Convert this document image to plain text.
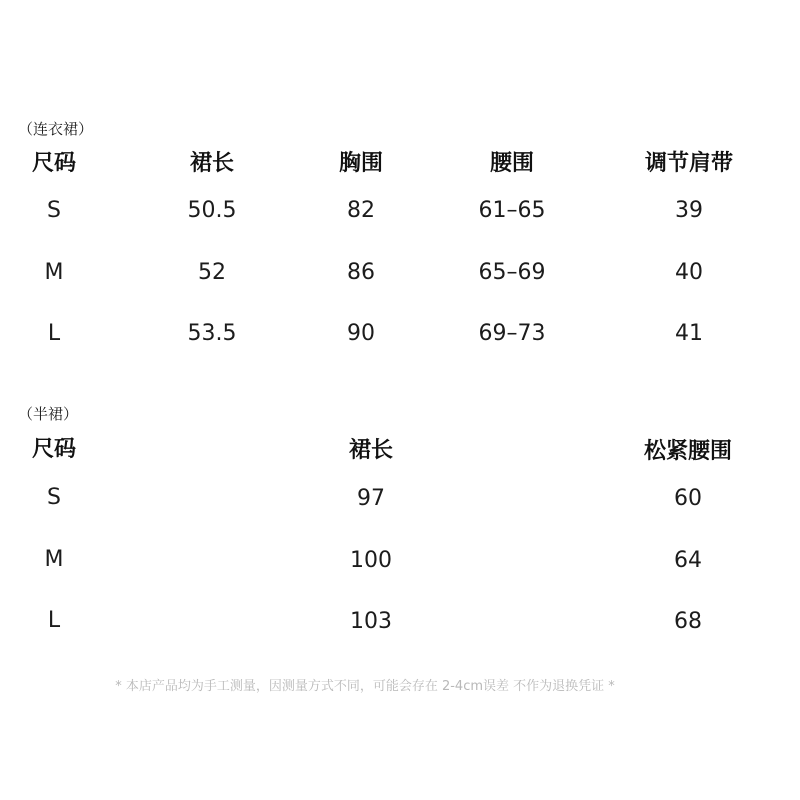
（连衣裙）
尺码	裙长	胸围	腰围	调节肩带
S	50.5	82	61–65	39
M	52	86	65–69	40
L	53.5	90	69–73	41
（半裙）
尺码	裙长	松紧腰围
S	97	60
M	100	64
L	103	68
* 本店产品均为手工测量，因测量方式不同，可能会存在 2-4cm误差 不作为退换凭证 *
